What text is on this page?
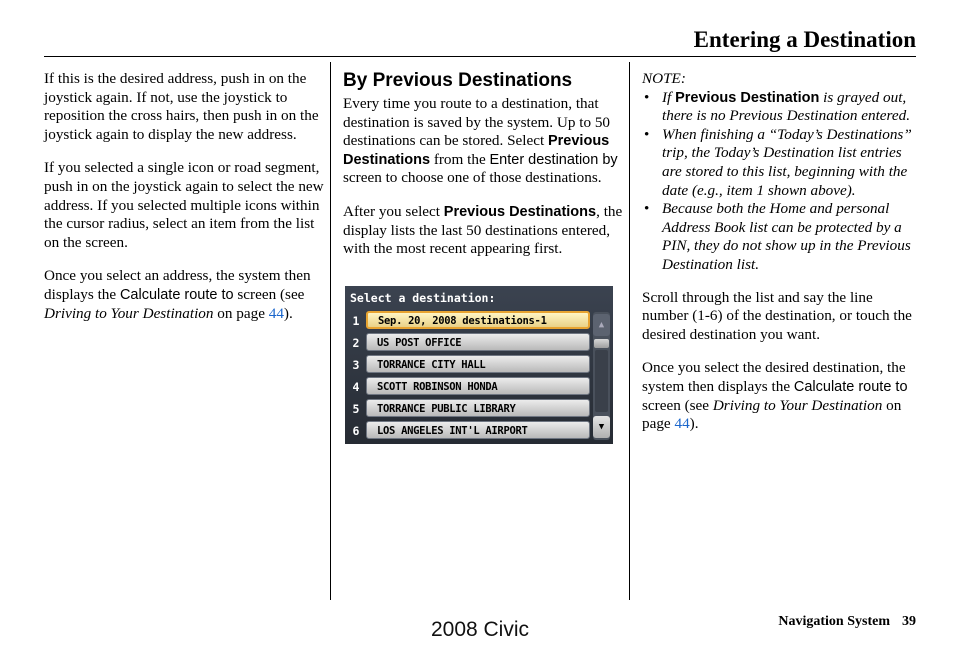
Entering a Destination

If this is the desired address, push in on the joystick again. If not, use the joystick to reposition the cross hairs, then push in on the joystick again to display the new address.

If you selected a single icon or road segment, push in on the joystick again to select the new address. If you selected multiple icons within the cursor radius, select an item from the list on the screen.

Once you select an address, the system then displays the Calculate route to screen (see Driving to Your Destination on page 44).

By Previous Destinations

Every time you route to a destination, that destination is saved by the system. Up to 50 destinations can be stored. Select Previous Destinations from the Enter destination by screen to choose one of those destinations.

After you select Previous Destinations, the display lists the last 50 destinations entered, with the most recent appearing first.

Select a destination:
1	Sep. 20, 2008 destinations-1
2	US POST OFFICE
3	TORRANCE CITY HALL
4	SCOTT ROBINSON HONDA
5	TORRANCE PUBLIC LIBRARY
6	LOS ANGELES INT'L AIRPORT
▲
▼
NOTE:
• If Previous Destination is grayed out, there is no Previous Destination entered.
• When finishing a “Today’s Destinations” trip, the Today’s Destination list entries are stored to this list, beginning with the date (e.g., item 1 shown above).
• Because both the Home and personal Address Book list can be protected by a PIN, they do not show up in the Previous Destination list.

Scroll through the list and say the line number (1-6) of the destination, or touch the desired destination you want.

Once you select the desired destination, the system then displays the Calculate route to screen (see Driving to Your Destination on page 44).

Navigation System 39
2008 Civic
